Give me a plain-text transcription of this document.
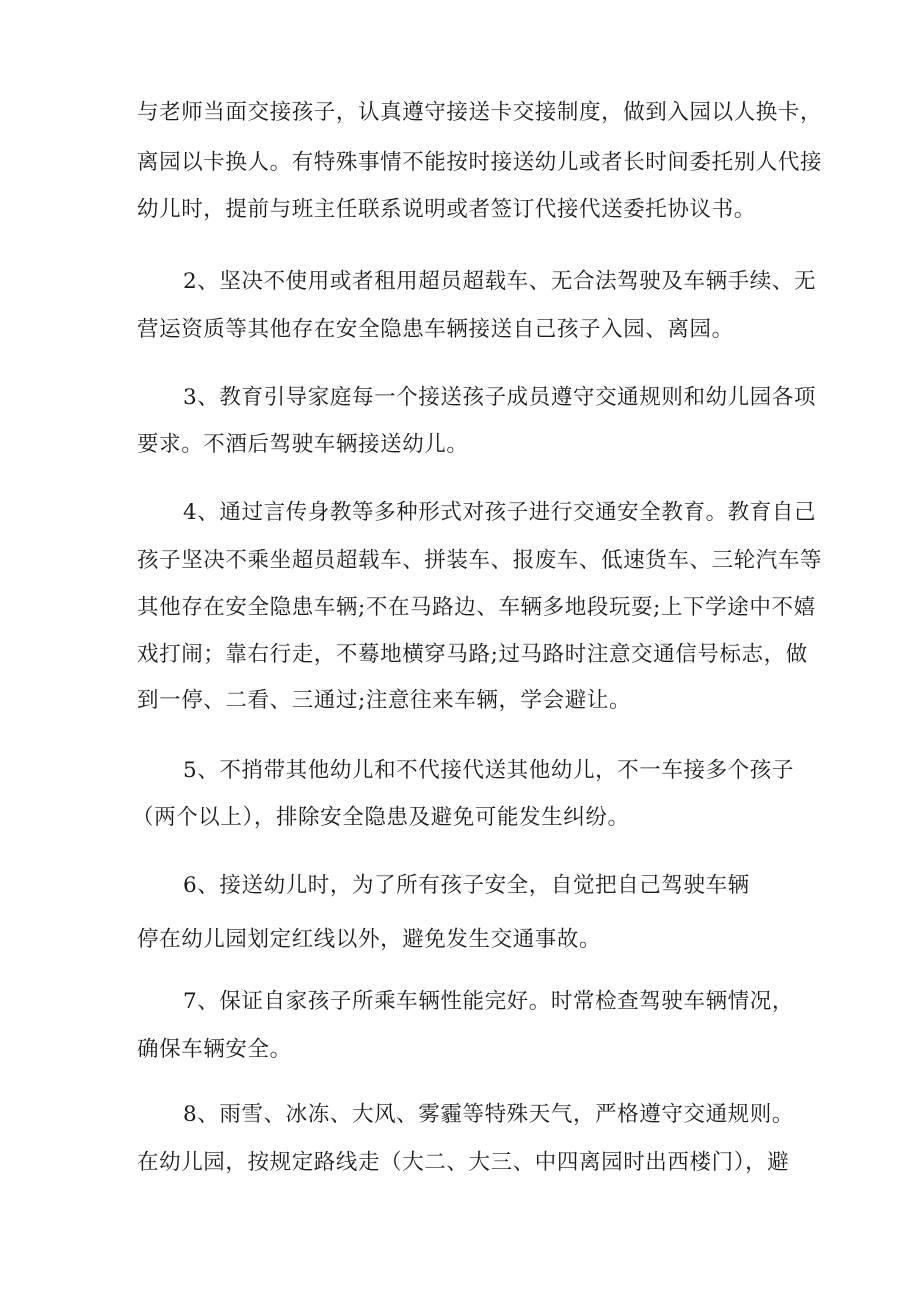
与老师当面交接孩子，认真遵守接送卡交接制度，做到入园以人换卡，
离园以卡换人。有特殊事情不能按时接送幼儿或者长时间委托别人代接
幼儿时，提前与班主任联系说明或者签订代接代送委托协议书。
2、坚决不使用或者租用超员超载车、无合法驾驶及车辆手续、无
营运资质等其他存在安全隐患车辆接送自己孩子入园、离园。
3、教育引导家庭每一个接送孩子成员遵守交通规则和幼儿园各项
要求。不酒后驾驶车辆接送幼儿。
4、通过言传身教等多种形式对孩子进行交通安全教育。教育自己
孩子坚决不乘坐超员超载车、拼装车、报废车、低速货车、三轮汽车等
其他存在安全隐患车辆;不在马路边、车辆多地段玩耍;上下学途中不嬉
戏打闹；靠右行走，不蓦地横穿马路;过马路时注意交通信号标志，做
到一停、二看、三通过;注意往来车辆，学会避让。
5、不捎带其他幼儿和不代接代送其他幼儿，不一车接多个孩子
（两个以上），排除安全隐患及避免可能发生纠纷。
6、接送幼儿时，为了所有孩子安全，自觉把自己驾驶车辆
停在幼儿园划定红线以外，避免发生交通事故。
7、保证自家孩子所乘车辆性能完好。时常检查驾驶车辆情况，
确保车辆安全。
8、雨雪、冰冻、大风、雾霾等特殊天气，严格遵守交通规则。
在幼儿园，按规定路线走（大二、大三、中四离园时出西楼门），避
